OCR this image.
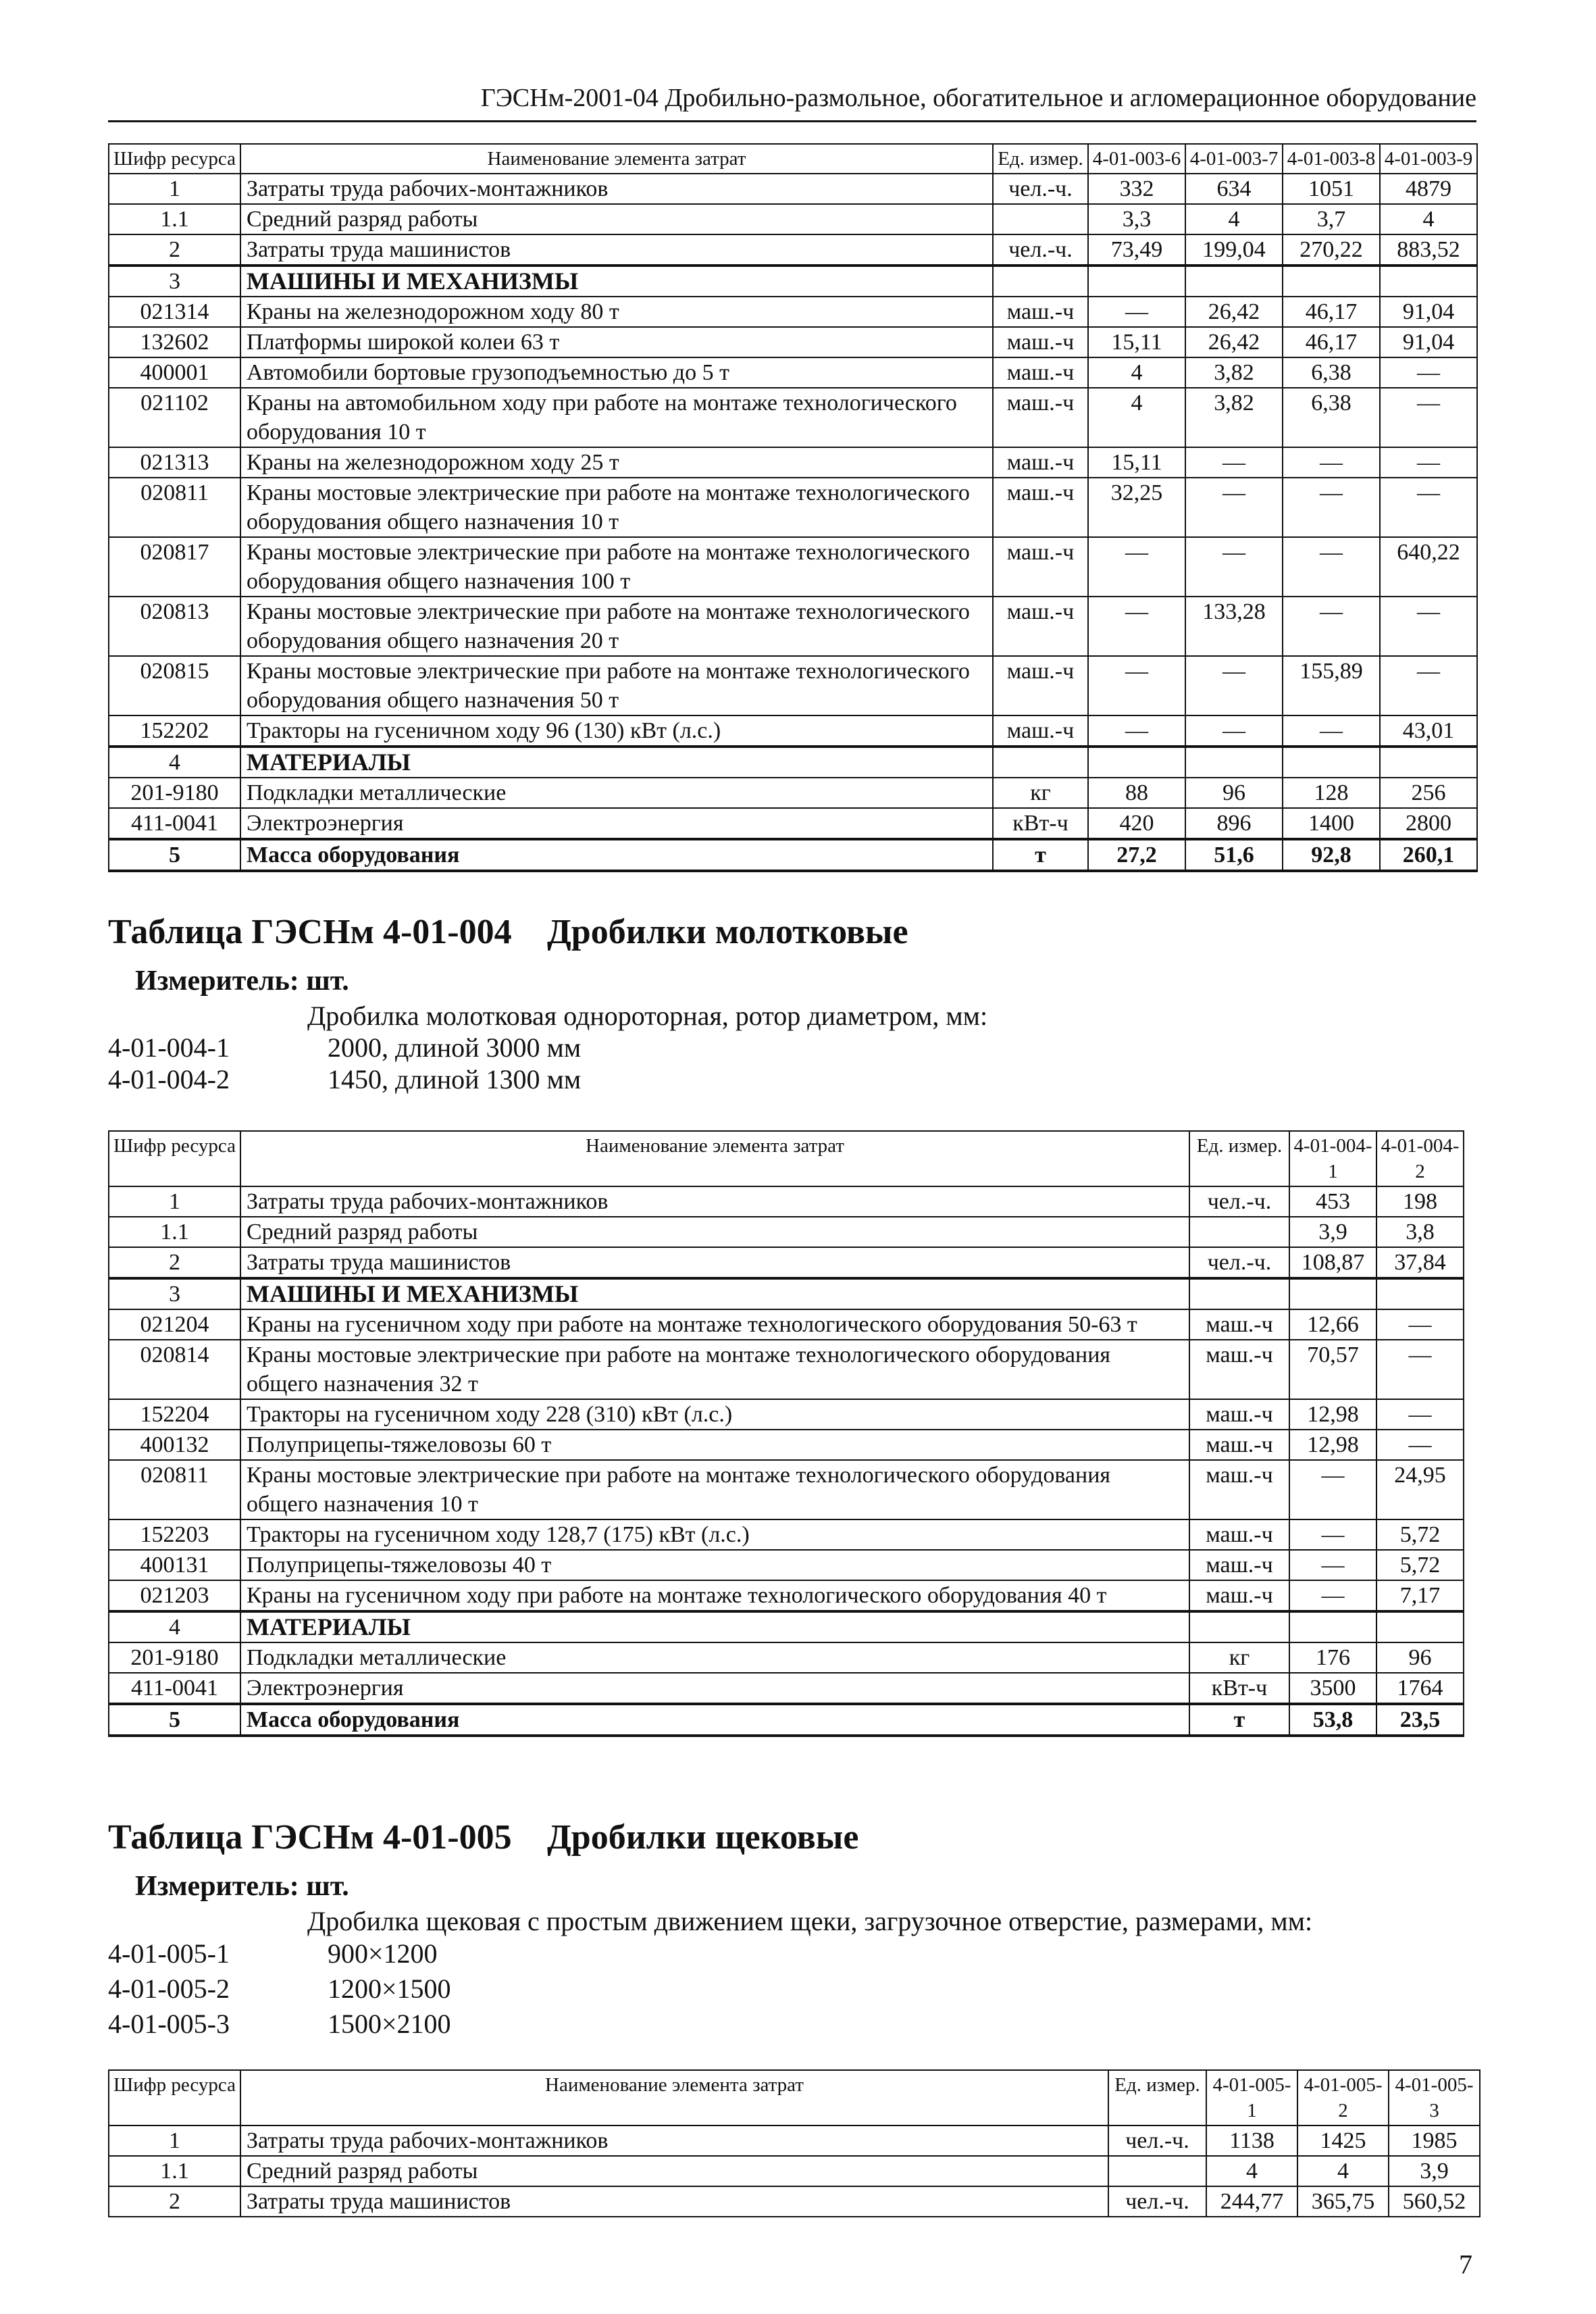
ГЭСНм-2001-04 Дробильно-размольное, обогатительное и агломерационное оборудование
Шифр ресурса	Наименование элемента затрат	Ед. измер.	4-01-003-6	4-01-003-7	4-01-003-8	4-01-003-9
1	Затраты труда рабочих-монтажников	чел.-ч.	332	634	1051	4879
1.1	Средний разряд работы		3,3	4	3,7	4
2	Затраты труда машинистов	чел.-ч.	73,49	199,04	270,22	883,52
3	МАШИНЫ И МЕХАНИЗМЫ					
021314	Краны на железнодорожном ходу 80 т	маш.-ч	—	26,42	46,17	91,04
132602	Платформы широкой колеи 63 т	маш.-ч	15,11	26,42	46,17	91,04
400001	Автомобили бортовые грузоподъемностью до 5 т	маш.-ч	4	3,82	6,38	—
021102	Краны на автомобильном ходу при работе на монтаже технологического оборудования 10 т	маш.-ч	4	3,82	6,38	—
021313	Краны на железнодорожном ходу 25 т	маш.-ч	15,11	—	—	—
020811	Краны мостовые электрические при работе на монтаже технологического оборудования общего назначения 10 т	маш.-ч	32,25	—	—	—
020817	Краны мостовые электрические при работе на монтаже технологического оборудования общего назначения 100 т	маш.-ч	—	—	—	640,22
020813	Краны мостовые электрические при работе на монтаже технологического оборудования общего назначения 20 т	маш.-ч	—	133,28	—	—
020815	Краны мостовые электрические при работе на монтаже технологического оборудования общего назначения 50 т	маш.-ч	—	—	155,89	—
152202	Тракторы на гусеничном ходу 96 (130) кВт (л.с.)	маш.-ч	—	—	—	43,01
4	МАТЕРИАЛЫ					
201-9180	Подкладки металлические	кг	88	96	128	256
411-0041	Электроэнергия	кВт-ч	420	896	1400	2800
5	Масса оборудования	т	27,2	51,6	92,8	260,1
Таблица ГЭСНм 4-01-004 Дробилки молотковые
Измеритель: шт.
Дробилка молотковая однороторная, ротор диаметром, мм:
4-01-004-1	2000, длиной 3000 мм
4-01-004-2	1450, длиной 1300 мм
Шифр ресурса	Наименование элемента затрат	Ед. измер.	4-01-004-1	4-01-004-2
1	Затраты труда рабочих-монтажников	чел.-ч.	453	198
1.1	Средний разряд работы		3,9	3,8
2	Затраты труда машинистов	чел.-ч.	108,87	37,84
3	МАШИНЫ И МЕХАНИЗМЫ			
021204	Краны на гусеничном ходу при работе на монтаже технологического оборудования 50-63 т	маш.-ч	12,66	—
020814	Краны мостовые электрические при работе на монтаже технологического оборудования общего назначения 32 т	маш.-ч	70,57	—
152204	Тракторы на гусеничном ходу 228 (310) кВт (л.с.)	маш.-ч	12,98	—
400132	Полуприцепы-тяжеловозы 60 т	маш.-ч	12,98	—
020811	Краны мостовые электрические при работе на монтаже технологического оборудования общего назначения 10 т	маш.-ч	—	24,95
152203	Тракторы на гусеничном ходу 128,7 (175) кВт (л.с.)	маш.-ч	—	5,72
400131	Полуприцепы-тяжеловозы 40 т	маш.-ч	—	5,72
021203	Краны на гусеничном ходу при работе на монтаже технологического оборудования 40 т	маш.-ч	—	7,17
4	МАТЕРИАЛЫ			
201-9180	Подкладки металлические	кг	176	96
411-0041	Электроэнергия	кВт-ч	3500	1764
5	Масса оборудования	т	53,8	23,5
Таблица ГЭСНм 4-01-005 Дробилки щековые
Измеритель: шт.
Дробилка щековая с простым движением щеки, загрузочное отверстие, размерами, мм:
4-01-005-1	900×1200
4-01-005-2	1200×1500
4-01-005-3	1500×2100
Шифр ресурса	Наименование элемента затрат	Ед. измер.	4-01-005-1	4-01-005-2	4-01-005-3
1	Затраты труда рабочих-монтажников	чел.-ч.	1138	1425	1985
1.1	Средний разряд работы		4	4	3,9
2	Затраты труда машинистов	чел.-ч.	244,77	365,75	560,52
7
